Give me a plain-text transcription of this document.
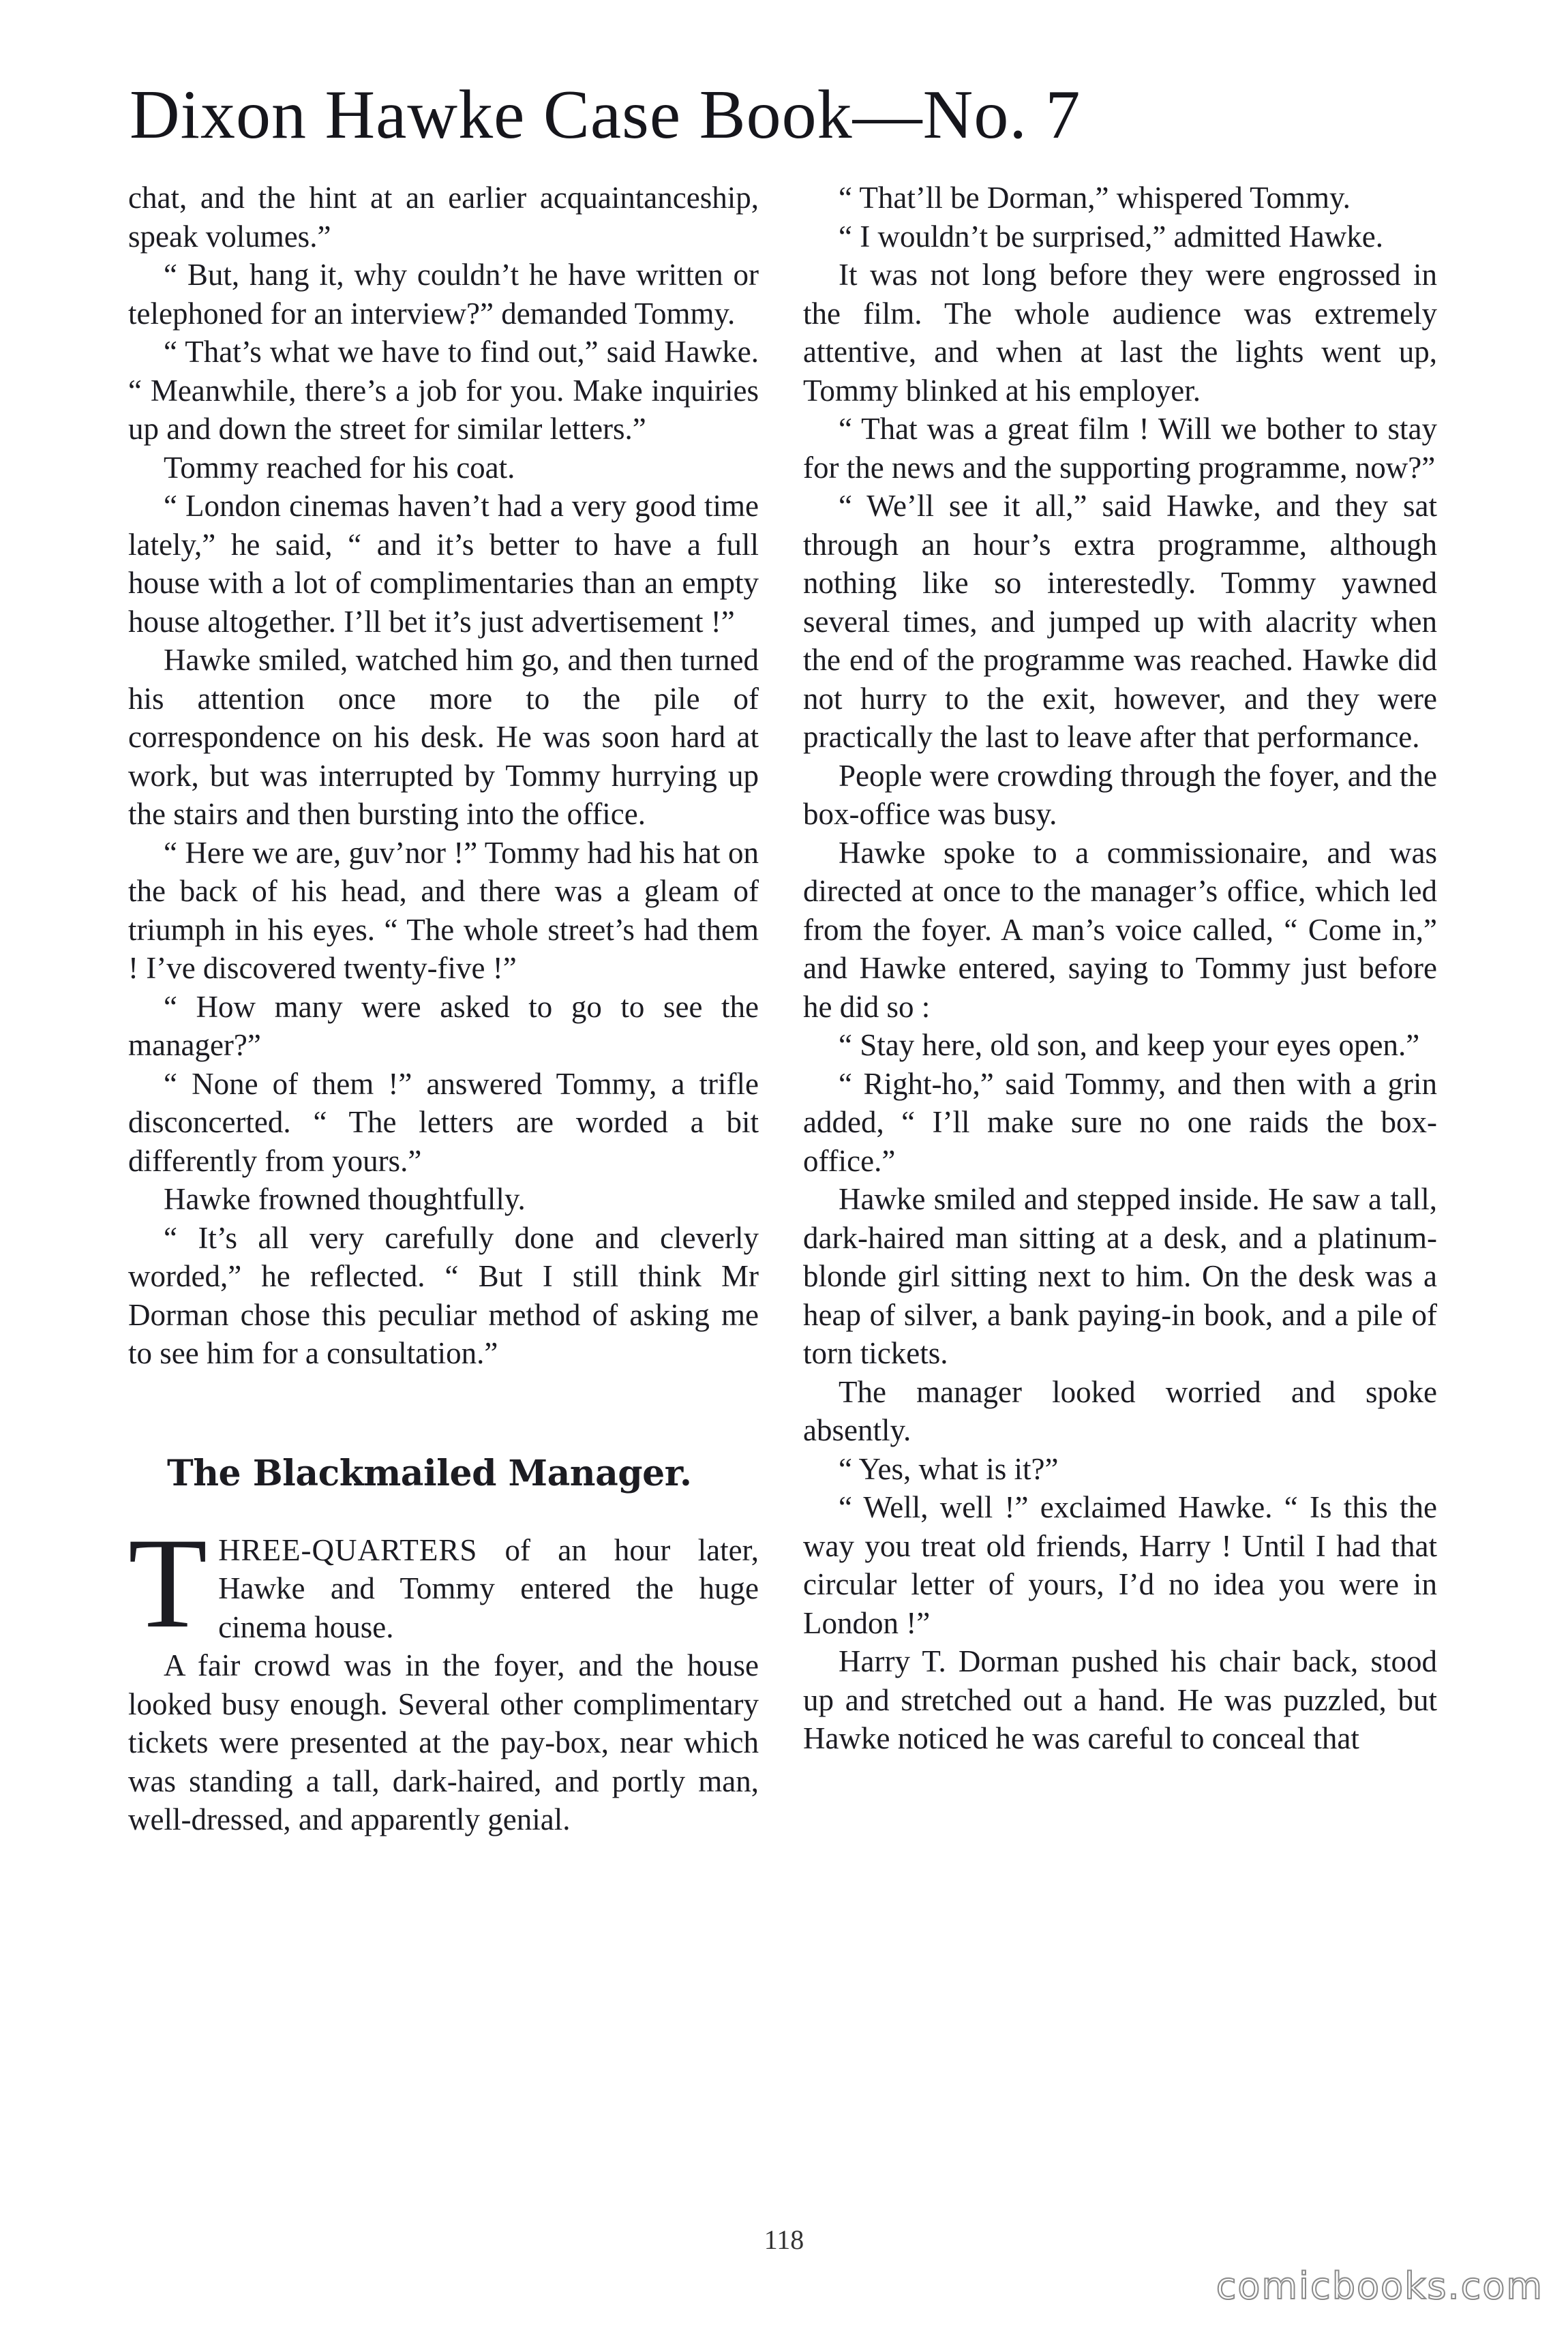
Dixon Hawke Case Book—No. 7

chat, and the hint at an earlier acquaintanceship, speak volumes.”

“ But, hang it, why couldn’t he have written or telephoned for an interview?” demanded Tommy.

“ That’s what we have to find out,” said Hawke. “ Meanwhile, there’s a job for you. Make inquiries up and down the street for similar letters.”

Tommy reached for his coat.

“ London cinemas haven’t had a very good time lately,” he said, “ and it’s better to have a full house with a lot of complimentaries than an empty house altogether. I’ll bet it’s just advertisement !”

Hawke smiled, watched him go, and then turned his attention once more to the pile of correspondence on his desk. He was soon hard at work, but was interrupted by Tommy hurrying up the stairs and then bursting into the office.

“ Here we are, guv’nor !” Tommy had his hat on the back of his head, and there was a gleam of triumph in his eyes. “ The whole street’s had them ! I’ve discovered twenty-five !”

“ How many were asked to go to see the manager?”

“ None of them !” answered Tommy, a trifle disconcerted. “ The letters are worded a bit differently from yours.”

Hawke frowned thoughtfully.

“ It’s all very carefully done and cleverly worded,” he reflected. “ But I still think Mr Dorman chose this peculiar method of asking me to see him for a consultation.”

The Blackmailed Manager.

THREE-QUARTERS of an hour later, Hawke and Tommy entered the huge cinema house.

A fair crowd was in the foyer, and the house looked busy enough. Several other complimentary tickets were presented at the pay-box, near which was standing a tall, dark-haired, and portly man, well-dressed, and apparently genial.

“ That’ll be Dorman,” whispered Tommy.

“ I wouldn’t be surprised,” admitted Hawke.

It was not long before they were engrossed in the film. The whole audience was extremely attentive, and when at last the lights went up, Tommy blinked at his employer.

“ That was a great film ! Will we bother to stay for the news and the supporting programme, now?”

“ We’ll see it all,” said Hawke, and they sat through an hour’s extra programme, although nothing like so interestedly. Tommy yawned several times, and jumped up with alacrity when the end of the programme was reached. Hawke did not hurry to the exit, however, and they were practically the last to leave after that performance.

People were crowding through the foyer, and the box-office was busy.

Hawke spoke to a commissionaire, and was directed at once to the manager’s office, which led from the foyer. A man’s voice called, “ Come in,” and Hawke entered, saying to Tommy just before he did so :

“ Stay here, old son, and keep your eyes open.”

“ Right-ho,” said Tommy, and then with a grin added, “ I’ll make sure no one raids the box-office.”

Hawke smiled and stepped inside. He saw a tall, dark-haired man sitting at a desk, and a platinum-blonde girl sitting next to him. On the desk was a heap of silver, a bank paying-in book, and a pile of torn tickets.

The manager looked worried and spoke absently.

“ Yes, what is it?”

“ Well, well !” exclaimed Hawke. “ Is this the way you treat old friends, Harry ! Until I had that circular letter of yours, I’d no idea you were in London !”

Harry T. Dorman pushed his chair back, stood up and stretched out a hand. He was puzzled, but Hawke noticed he was careful to conceal that

118
comicbooks.com
